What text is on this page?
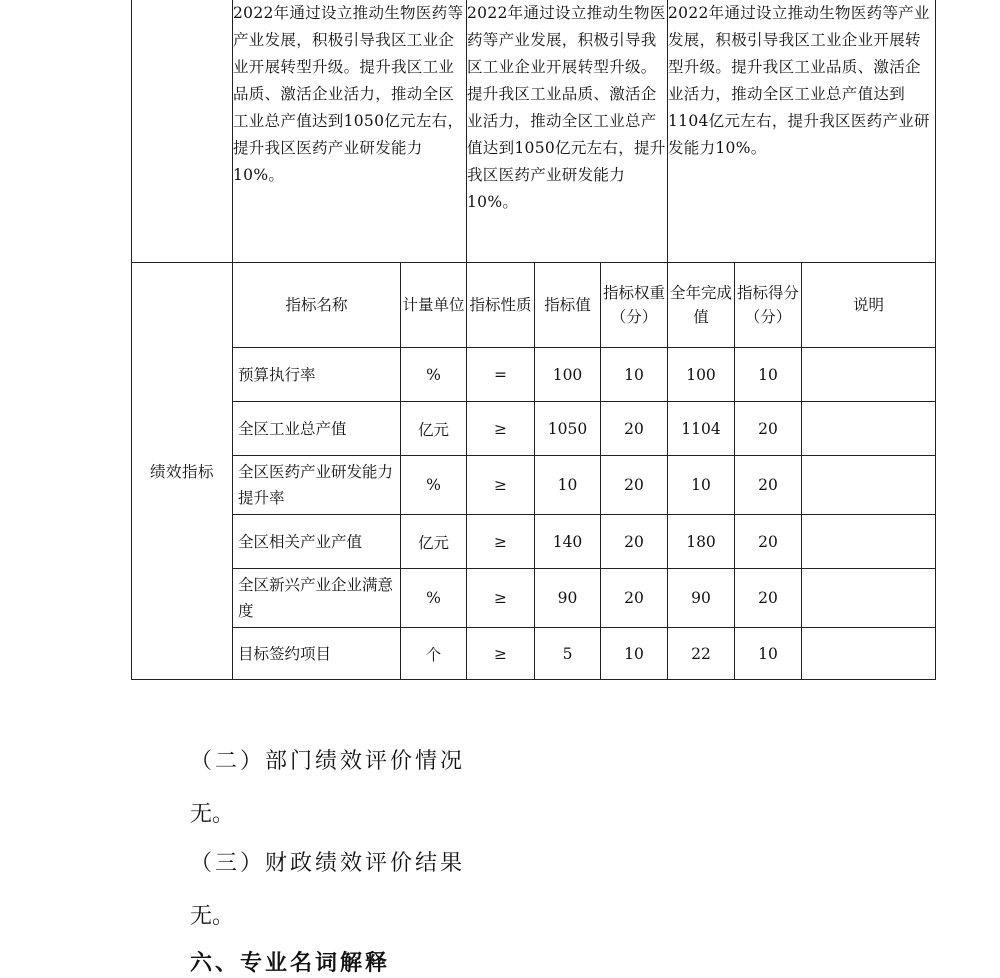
	2022年通过设立推动生物医药等产业发展，积极引导我区工业企业开展转型升级。提升我区工业品质、激活企业活力，推动全区工业总产值达到1050亿元左右，提升我区医药产业研发能力10%。	2022年通过设立推动生物医药等产业发展，积极引导我区工业企业开展转型升级。提升我区工业品质、激活企业活力，推动全区工业总产值达到1050亿元左右，提升我区医药产业研发能力10%。	2022年通过设立推动生物医药等产业发展，积极引导我区工业企业开展转型升级。提升我区工业品质、激活企业活力，推动全区工业总产值达到1104亿元左右，提升我区医药产业研发能力10%。
绩效指标	指标名称	计量单位	指标性质	指标值	指标权重（分）	全年完成值	指标得分（分）	说明
	预算执行率	%	=	100	10	100	10	
	全区工业总产值	亿元	≥	1050	20	1104	20	
	全区医药产业研发能力提升率	%	≥	10	20	10	20	
	全区相关产业产值	亿元	≥	140	20	180	20	
	全区新兴产业企业满意度	%	≥	90	20	90	20	
	目标签约项目	个	≥	5	10	22	10	
（二）部门绩效评价情况
无。
（三）财政绩效评价结果
无。
六、专业名词解释
